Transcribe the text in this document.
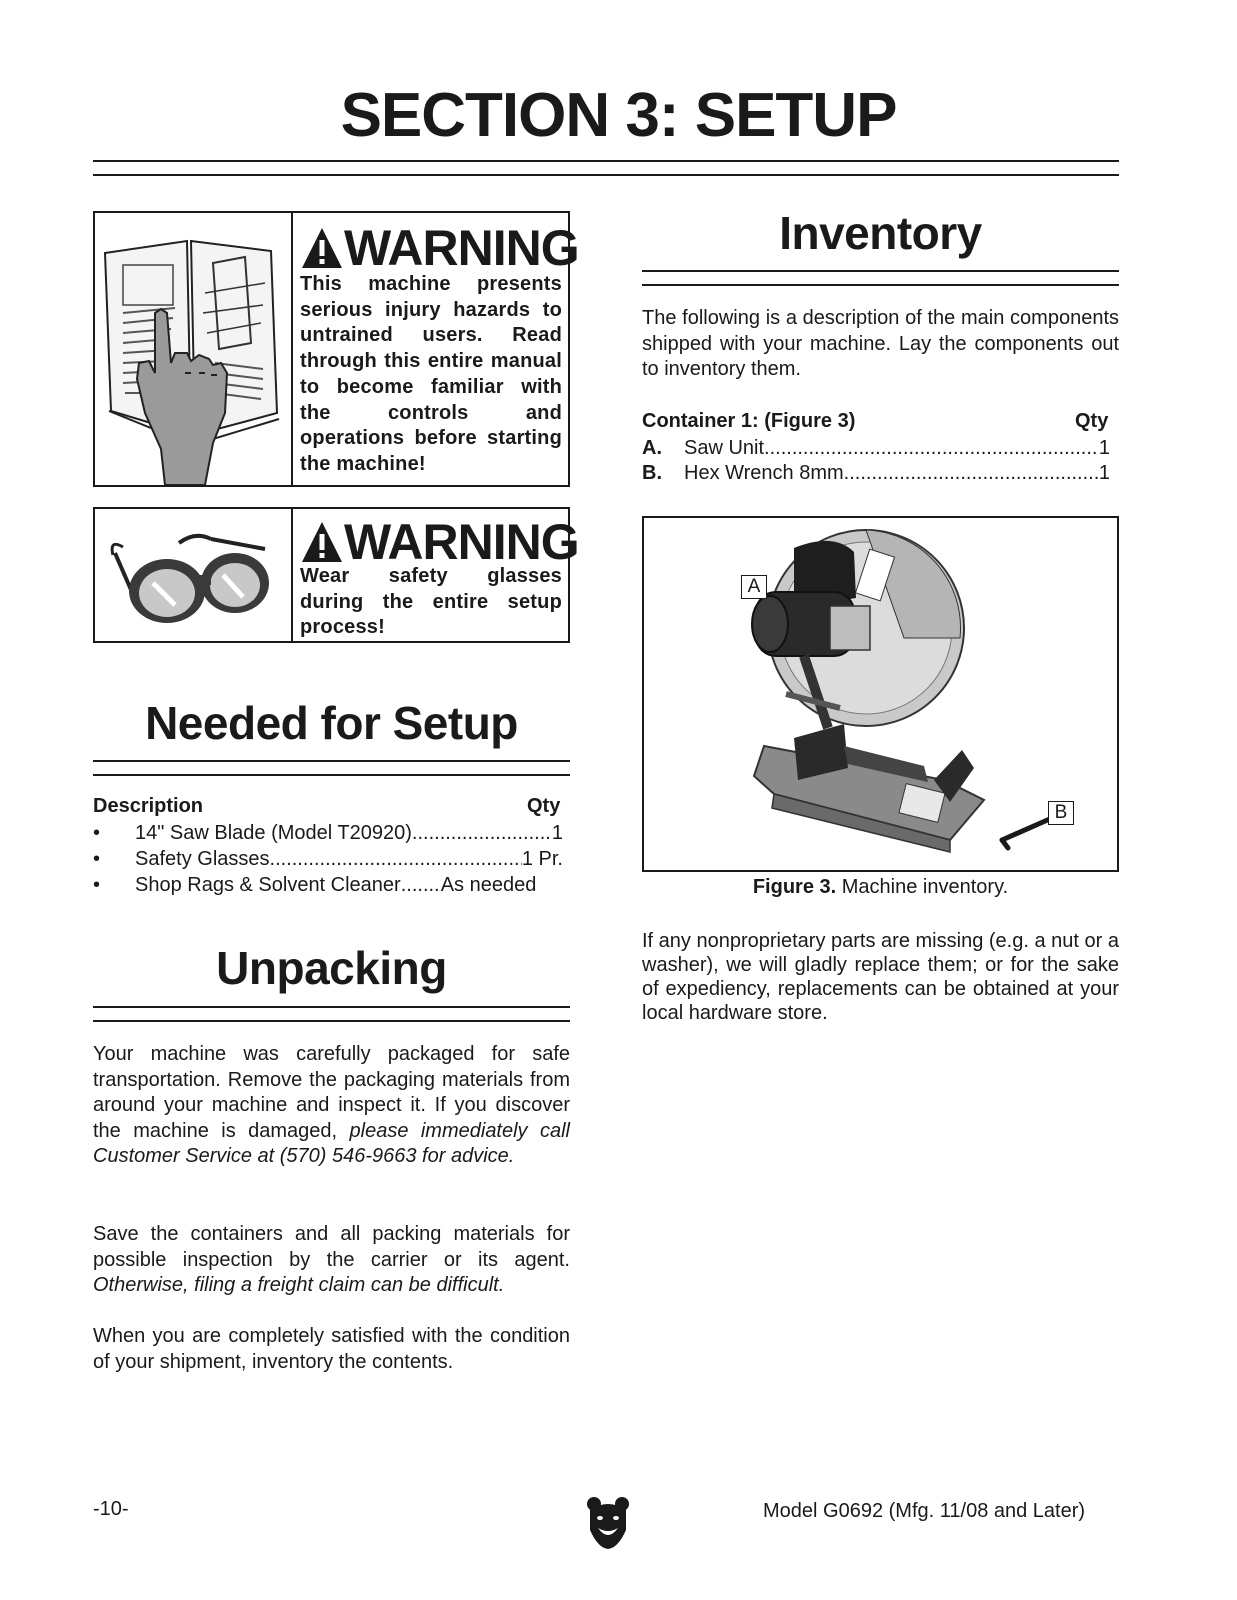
SECTION 3: SETUP
WARNING

This machine presents serious injury hazards to untrained users. Read through this entire manual to become familiar with the controls and operations before starting the machine!

WARNING

Wear safety glasses during the entire setup process!

Needed for Setup
Description	Qty
•	14" Saw Blade (Model T20920) .....	1
•	Safety Glasses .....	1 Pr.
•	Shop Rags & Solvent Cleaner ..... As needed
Unpacking

Your machine was carefully packaged for safe transportation. Remove the packaging materials from around your machine and inspect it. If you discover the machine is damaged, please immediately call Customer Service at (570) 546-9663 for advice.

Save the containers and all packing materials for possible inspection by the carrier or its agent. Otherwise, filing a freight claim can be difficult.

When you are completely satisfied with the condition of your shipment, inventory the contents.

Inventory

The following is a description of the main components shipped with your machine. Lay the components out to inventory them.

Container 1: (Figure 3)	Qty
A.	Saw Unit .....	1
B.	Hex Wrench 8mm .....	1
A
B
Figure 3. Machine inventory.

If any nonproprietary parts are missing (e.g. a nut or a washer), we will gladly replace them; or for the sake of expediency, replacements can be obtained at your local hardware store.

-10-	Model G0692 (Mfg. 11/08 and Later)
